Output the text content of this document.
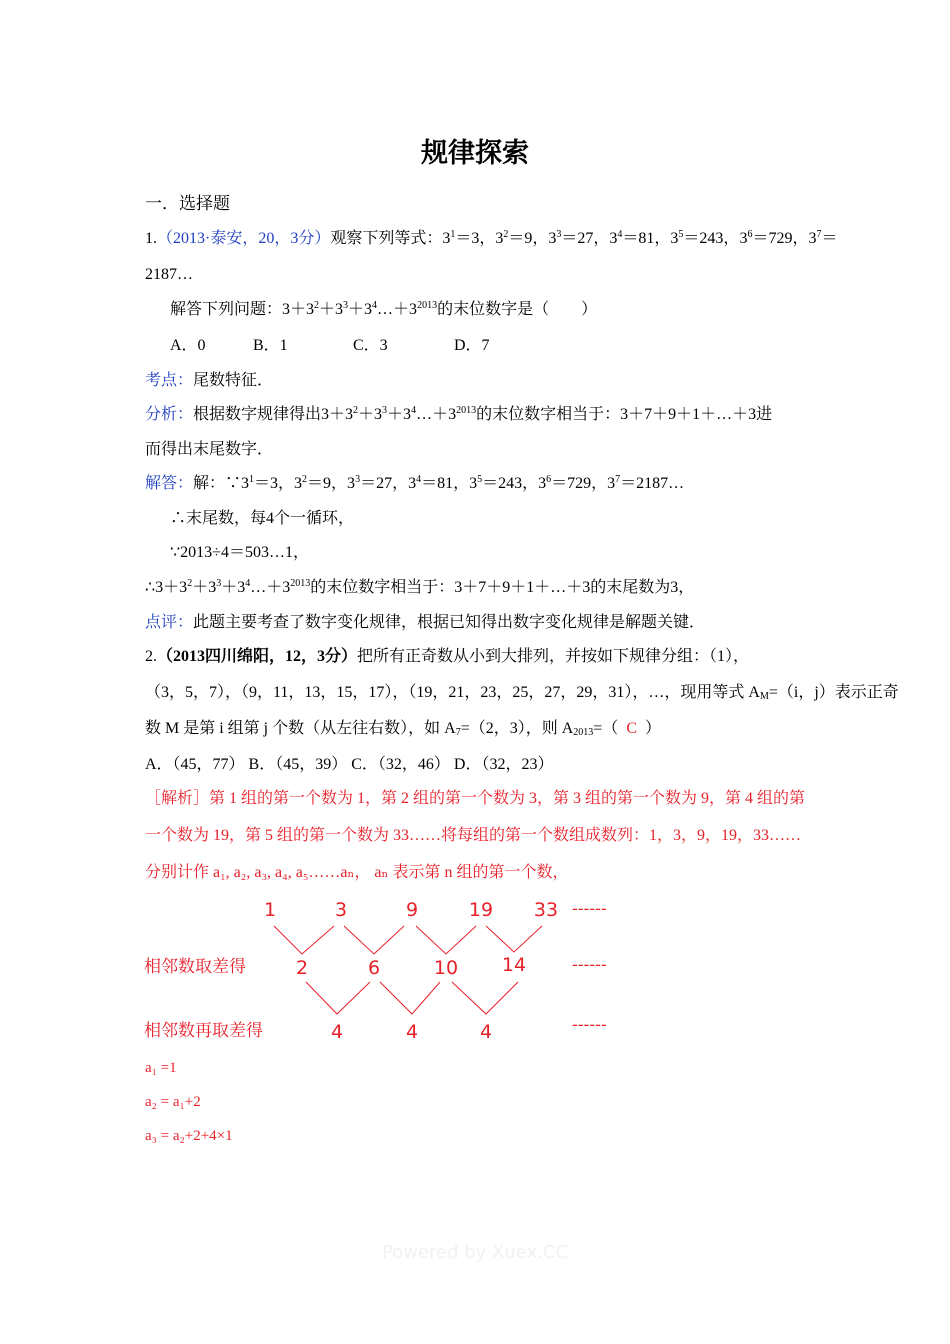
规律探索
一．选择题
1.（2013·泰安，20，3分）观察下列等式：$3^1=3$，$3^2=9$，$3^3=27$，$3^4=81$，$3^5=243$，$3^6=729$，$3^7=$
2187…
解答下列问题：$3+3^2+3^3+3^4\dots+3^{2013}$的末位数字是（　　）
A．0	B．1	C．3	D．7
考点：尾数特征．
分析：根据数字规律得出$3+3^2+3^3+3^4\dots+3^{2013}$的末位数字相当于：3＋7＋9＋1＋…＋3进
而得出末尾数字．
解答：解：$\because 3^1=3$，$3^2=9$，$3^3=27$，$3^4=81$，$3^5=243$，$3^6=729$，$3^7=2187\dots$
∴末尾数，每4个一循环，
∵2013÷4＝503…1，
$\therefore 3+3^2+3^3+3^4\dots+3^{2013}$的末位数字相当于：3＋7＋9＋1＋…＋3的末尾数为3，
点评：此题主要考查了数字变化规律，根据已知得出数字变化规律是解题关键．
2.（2013四川绵阳，12，3分）把所有正奇数从小到大排列，并按如下规律分组：（1），
（3，5，7），（9，11，13，15，17），（19，21，23，25，27，29，31），…，现用等式 $A_M=(i$，j）表示正奇
数 M 是第 i 组第 j 个数（从左往右数），如 $A_7=(2$，3），则 $A_{2013}=$（ C ）
A．（45，77） B．（45，39） C．（32，46） D．（32，23）
［解析］第 1 组的第一个数为 1，第 2 组的第一个数为 3，第 3 组的第一个数为 9，第 4 组的第
一个数为 19，第 5 组的第一个数为 33……将每组的第一个数组成数列：1，3，9，19，33……
分别计作 a₁, a₂, a₃, a₄, a₅……aₙ， aₙ 表示第 n 组的第一个数，
1	3	9	19 33 ------
相邻数取差得	2	6	10 14	------
相邻数再取差得	4	4	4	------
a₁ =1
a₂ = a₁+2
a₃ = a₂+2+4×1
Powered by Xuex.CC
